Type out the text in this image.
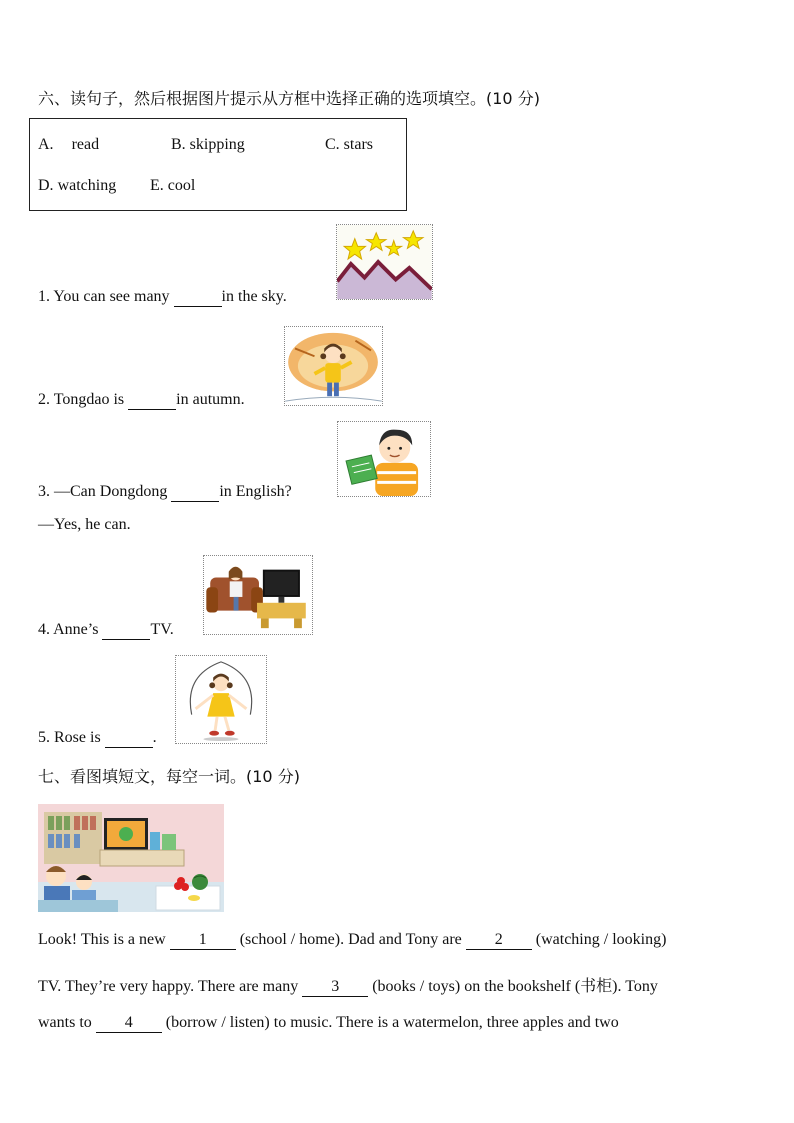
六、读句子，然后根据图片提示从方框中选择正确的选项填空。(10 分)
A. read	B. skipping	C. stars
D. watching E. cool
1. You can see many	in the sky.
2. Tongdao is	in autumn.
3. —Can Dongdong	in English?
—Yes, he can.
4. Anne’s	TV.
5. Rose is	.
七、看图填短文，每空一词。(10 分)
Look! This is a new 1 (school / home). Dad and Tony are 2 (watching / looking)
TV. They’re very happy. There are many 3 (books / toys) on the bookshelf (书柜). Tony
wants to 4 (borrow / listen) to music. There is a watermelon, three apples and two
